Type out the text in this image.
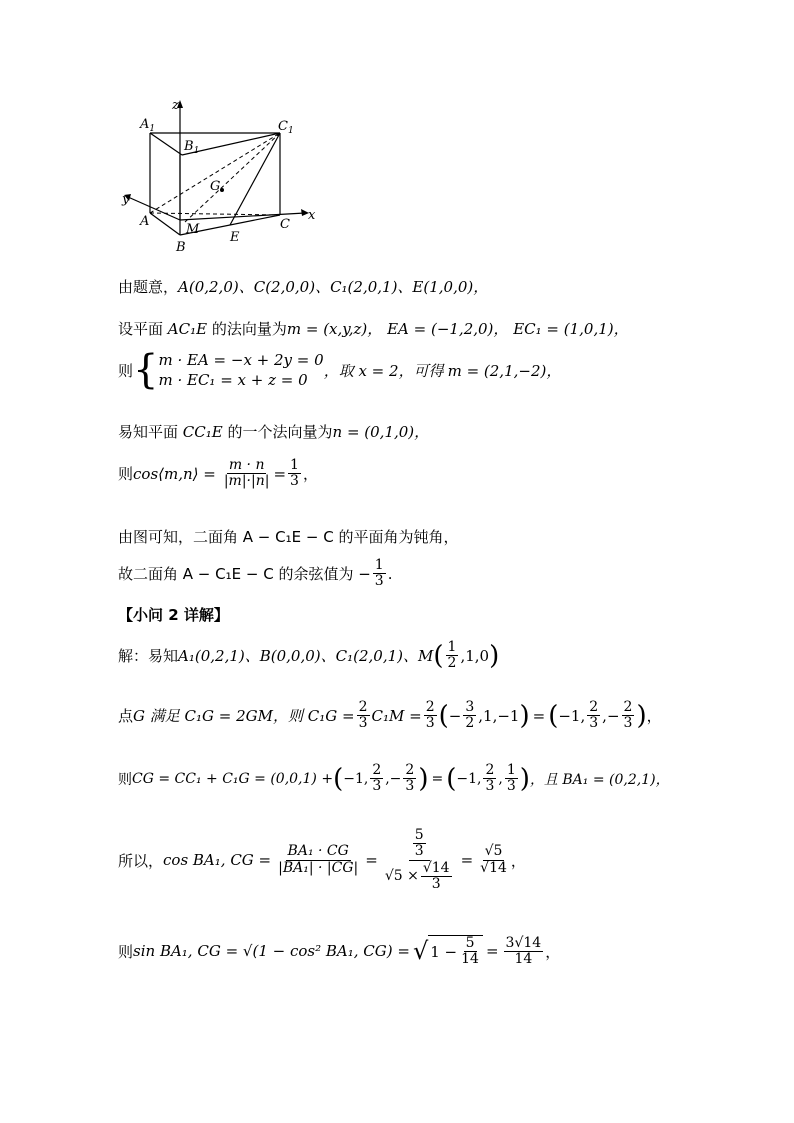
$A_1$
$B_1$
$C_1$
G
A
B
M
E
C
x
y
z
由题意，A(0,2,0)、C(2,0,0)、C₁(2,0,1)、E(1,0,0)，
设平面 AC₁E 的法向量为m = (x,y,z)， EA = (−1,2,0)， EC₁ = (1,0,1)，
则 { m · EA = −x + 2y = 0
m · EC₁ = x + z = 0
，取 x = 2，可得 m = (2,1,−2)，
易知平面 CC₁E 的一个法向量为n = (0,1,0)，
则 cos⟨m,n⟩ = $\frac{m \cdot n}{|m|\cdot|n|} = \frac{1}{3}$ ，
由图可知，二面角 A − C₁E − C 的平面角为钝角，
故二面角 A − C₁E − C 的余弦值为 − $\frac{1}{3}$ .
【小问 2 详解】
解：易知 A₁(0,2,1)、B(0,0,0)、C₁(2,0,1)、M ( $\frac{1}{2} ,1,0$ )
点 G 满足 C₁G = 2GM，则 $C_1G = \frac{2}{3} C_1M = \frac{2}{3}$ ( − $\frac{3}{2} ,1,-1$ ) = ( −1, $\frac{2}{3}$ ,− $\frac{2}{3}$ ) ，
则 CG = CC₁ + C₁G = (0,0,1) + ( −1, $\frac{2}{3}$ ,− $\frac{2}{3}$ ) = ( −1, $\frac{2}{3}$ , $\frac{1}{3}$ ) ，且 BA₁ = (0,2,1)，
所以， cos BA₁, CG = $\frac{\text{BA₁ · CG}}{\text{|BA₁| · |CG|}} = \frac{\frac{5}{3}}{√5 \times \frac{√14}{3}} = \frac{√5}{√14}$ ，
则 sin BA₁, CG = √(1 − cos² BA₁, CG) = √ $1 - \frac{5}{14} = \frac{3√14}{14}$ ，
